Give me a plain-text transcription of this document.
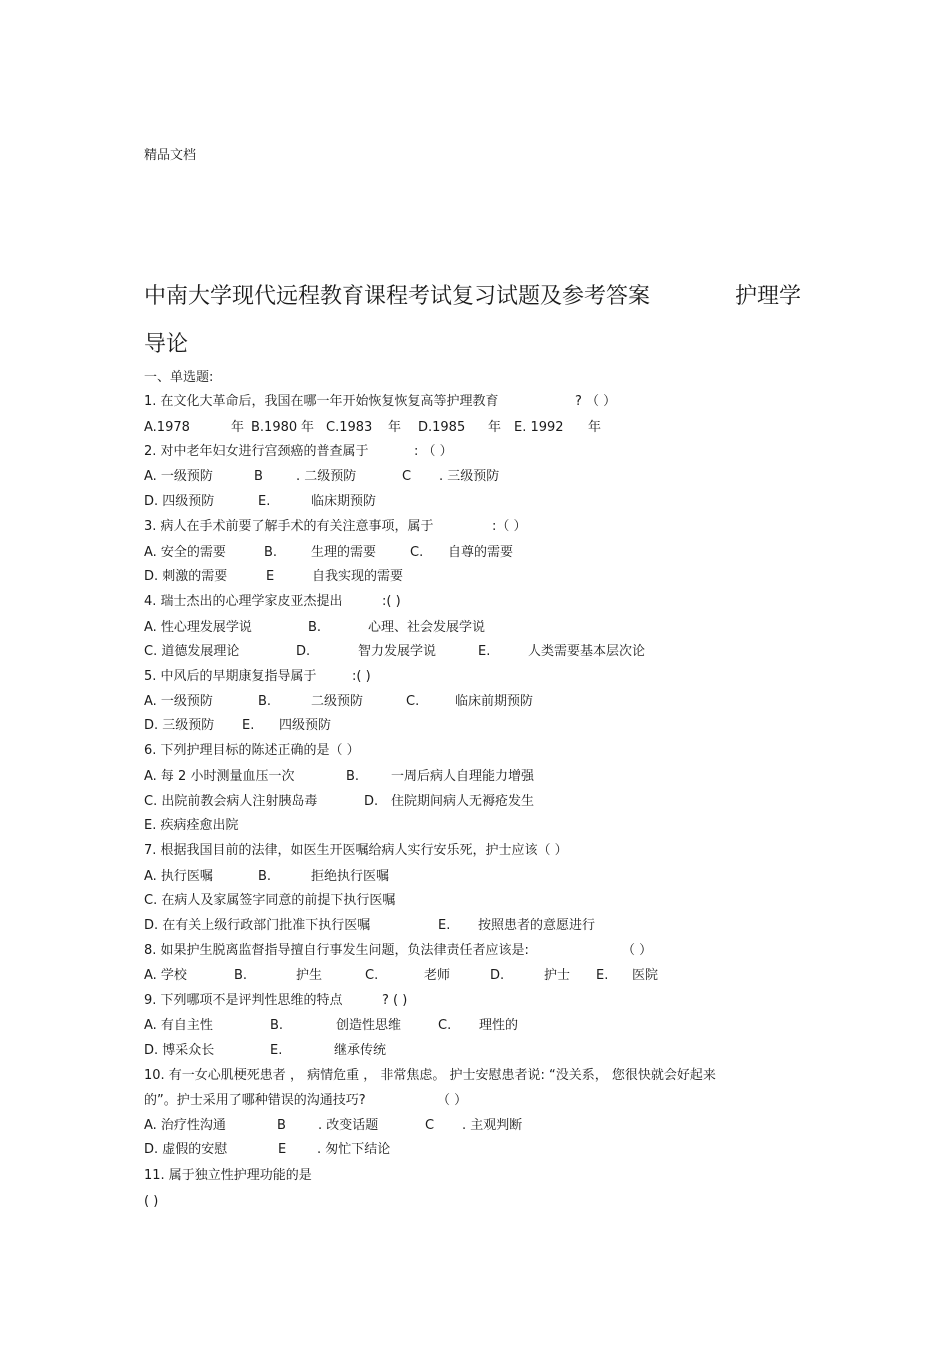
精品文档
中南大学现代远程教育课程考试复习试题及参考答案	护理学
导论
一、单选题:
1. 在文化大革命后，我国在哪一年开始恢复恢复高等护理教育	? （ ）
A.1978	年 B.1980 年 C.1983 年 D.1985 年 E. 1992 年
2. 对中老年妇女进行宫颈癌的普查属于	: （ ）
A. 一级预防	B	. 二级预防	C . 三级预防
D. 四级预防	E.	临床期预防
3. 病人在手术前要了解手术的有关注意事项，属于	:（ ）
A. 安全的需要	B.	生理的需要	C. 自尊的需要
D. 刺激的需要	E	自我实现的需要
4. 瑞士杰出的心理学家皮亚杰提出	:( )
A. 性心理发展学说	B.	心理、社会发展学说
C. 道德发展理论	D.	智力发展学说	E.	人类需要基本层次论
5. 中风后的早期康复指导属于	:( )
A. 一级预防	B.	二级预防	C.	临床前期预防
D. 三级预防 E. 四级预防
6. 下列护理目标的陈述正确的是（ ）
A. 每 2 小时测量血压一次	B. 一周后病人自理能力增强
C. 出院前教会病人注射胰岛毒	D. 住院期间病人无褥疮发生
E. 疾病痊愈出院
7. 根据我国目前的法律，如医生开医嘱给病人实行安乐死，护士应该（ ）
A. 执行医嘱	B.	拒绝执行医嘱
C. 在病人及家属签字同意的前提下执行医嘱
D. 在有关上级行政部门批准下执行医嘱	E. 按照患者的意愿进行
8. 如果护生脱离监督指导擅自行事发生问题，负法律责任者应该是:	（ ）
A. 学校	B.	护生	C.	老师	D.	护士 E. 医院
9. 下列哪项不是评判性思维的特点	? ( )
A. 有自主性	B.	创造性思维	C. 理性的
D. 博采众长	E.	继承传统
10. 有一女心肌梗死患者 ， 病情危重 ， 非常焦虑。 护士安慰患者说: “没关系， 您很快就会好起来
的”。护士采用了哪种错误的沟通技巧?	（ ）
A. 治疗性沟通	B . 改变话题	C . 主观判断
D. 虚假的安慰	E . 匆忙下结论
11. 属于独立性护理功能的是
( )
